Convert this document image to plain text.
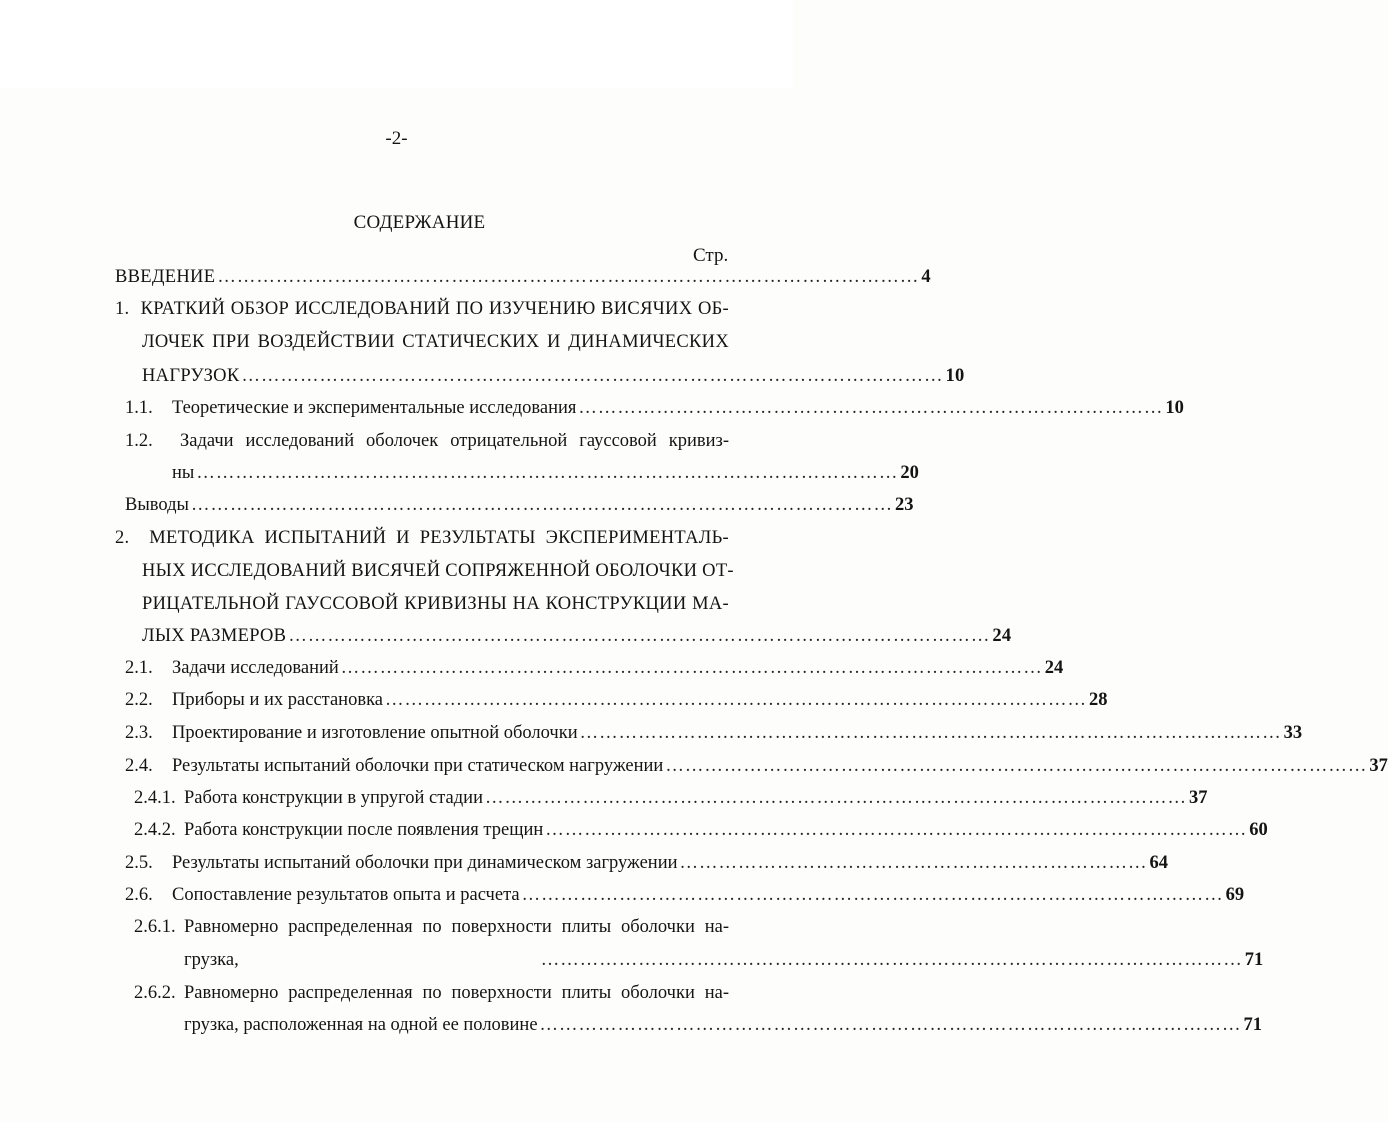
-2-
СОДЕРЖАНИЕ
Стр.
ВВЕДЕНИЕ ……………………………………………………………………………………………… 4
1. КРАТКИЙ ОБЗОР ИССЛЕДОВАНИЙ ПО ИЗУЧЕНИЮ ВИСЯЧИХ ОБ-
ЛОЧЕК ПРИ ВОЗДЕЙСТВИИ СТАТИЧЕСКИХ И ДИНАМИЧЕСКИХ
НАГРУЗОК ……………………………………………………………………………………………… 10
1.1. Теоретические и экспериментальные исследования ……………………………………………………………………………… 10
1.2. Задачи исследований оболочек отрицательной гауссовой кривиз-
ны ……………………………………………………………………………………………… 20
Выводы ……………………………………………………………………………………………… 23
2. МЕТОДИКА ИСПЫТАНИЙ И РЕЗУЛЬТАТЫ ЭКСПЕРИМЕНТАЛЬ-
НЫХ ИССЛЕДОВАНИЙ ВИСЯЧЕЙ СОПРЯЖЕННОЙ ОБОЛОЧКИ ОТ-
РИЦАТЕЛЬНОЙ ГАУССОВОЙ КРИВИЗНЫ НА КОНСТРУКЦИИ МА-
ЛЫХ РАЗМЕРОВ ……………………………………………………………………………………………… 24
2.1. Задачи исследований ……………………………………………………………………………………………… 24
2.2. Приборы и их расстановка ……………………………………………………………………………………………… 28
2.3. Проектирование и изготовление опытной оболочки ……………………………………………………………………………………………… 33
2.4. Результаты испытаний оболочки при статическом нагружении ……………………………………………………………………………………………… 37
2.4.1. Работа конструкции в упругой стадии ……………………………………………………………………………………………… 37
2.4.2. Работа конструкции после появления трещин ……………………………………………………………………………………………… 60
2.5. Результаты испытаний оболочки при динамическом загружении ……………………………………………………………… 64
2.6. Сопоставление результатов опыта и расчета ……………………………………………………………………………………………… 69
2.6.1. Равномерно распределенная по поверхности плиты оболочки на-
грузка,	……………………………………………………………………………………………… 71
2.6.2. Равномерно распределенная по поверхности плиты оболочки на-
грузка, расположенная на одной ее половине ……………………………………………………………………………………………… 71
